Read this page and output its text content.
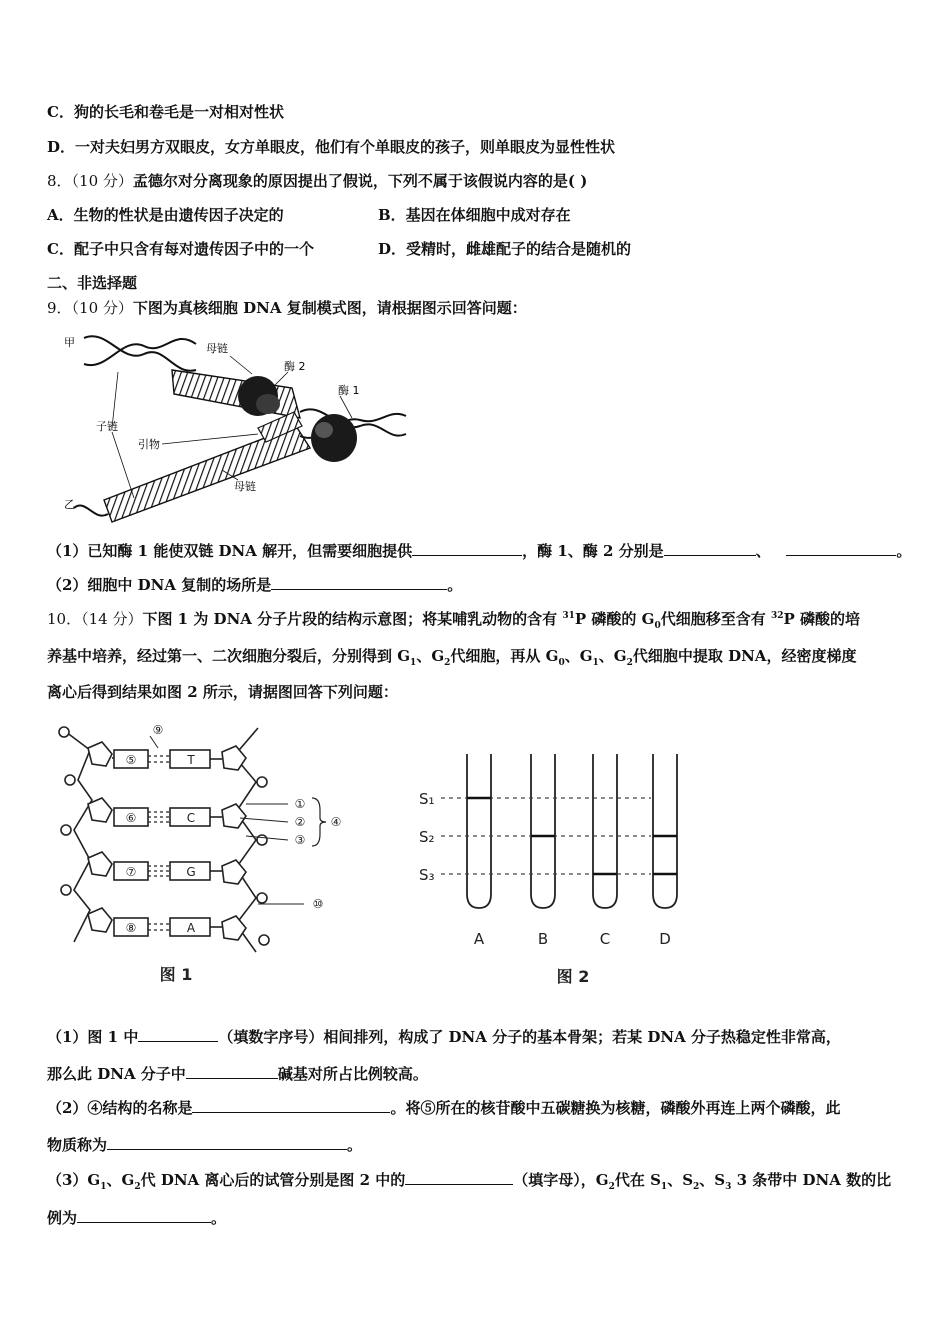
C．狗的长毛和卷毛是一对相对性状
D．一对夫妇男方双眼皮，女方单眼皮，他们有个单眼皮的孩子，则单眼皮为显性性状
8．（10 分）孟德尔对分离现象的原因提出了假说，下列不属于该假说内容的是( )
A．生物的性状是由遗传因子决定的	B．基因在体细胞中成对存在
C．配子中只含有每对遗传因子中的一个	D．受精时，雌雄配子的结合是随机的
二、非选择题
9．（10 分）下图为真核细胞 DNA 复制模式图，请根据图示回答问题：
甲	母链
酶 2
酶 1
子链
引物
母链
乙
（1）已知酶 1 能使双链 DNA 解开，但需要细胞提供	，酶 1、酶 2 分别是	、	。
（2）细胞中 DNA 复制的场所是	。
10．（14 分）下图 1 为 DNA 分子片段的结构示意图；将某哺乳动物的含有 $^{31}$P 磷酸的 $G_0$代细胞移至含有 $^{32}$P 磷酸的培
养基中培养，经过第一、二次细胞分裂后，分别得到 $G_1$、$G_2$代细胞，再从 $G_0$、$G_1$、$G_2$代细胞中提取 DNA，经密度梯度
离心后得到结果如图 2 所示，请据图回答下列问题：
T
C
G
A
⑤
⑥
⑦
⑧
⑨
①
②
③
④
⑩
图 1
S₁
S₂
S₃
A	B	C	D
图 2
（1）图 1 中	（填数字序号）相间排列，构成了 DNA 分子的基本骨架；若某 DNA 分子热稳定性非常高，
那么此 DNA 分子中	碱基对所占比例较高。
（2）④结构的名称是	。将⑤所在的核苷酸中五碳糖换为核糖，磷酸外再连上两个磷酸，此
物质称为	。
$(3)G_1$、$G_2$代 DNA 离心后的试管分别是图 2 中的	（填字母），$G_2$代在 $S_1$、$S_2$、$S_3$ 3 条带中 DNA 数的比
例为	。
